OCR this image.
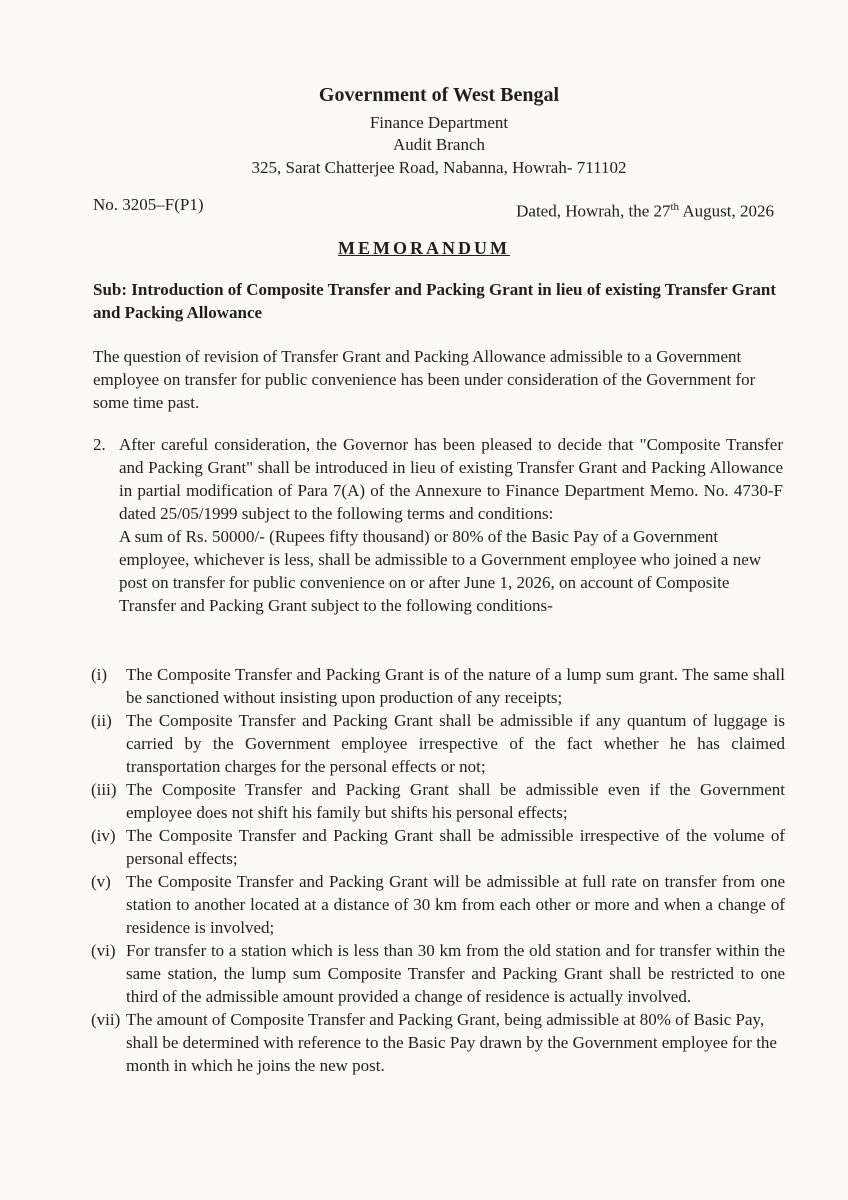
Government of West Bengal
Finance Department
Audit Branch
325, Sarat Chatterjee Road, Nabanna, Howrah- 711102
No. 3205–F(P1)	Dated, Howrah, the 27th August, 2026
MEMORANDUM
Sub: Introduction of Composite Transfer and Packing Grant in lieu of existing Transfer Grant and Packing Allowance
The question of revision of Transfer Grant and Packing Allowance admissible to a Government employee on transfer for public convenience has been under consideration of the Government for some time past.
2. After careful consideration, the Governor has been pleased to decide that "Composite Transfer and Packing Grant" shall be introduced in lieu of existing Transfer Grant and Packing Allowance in partial modification of Para 7(A) of the Annexure to Finance Department Memo. No. 4730-F dated 25/05/1999 subject to the following terms and conditions:
A sum of Rs. 50000/- (Rupees fifty thousand) or 80% of the Basic Pay of a Government employee, whichever is less, shall be admissible to a Government employee who joined a new post on transfer for public convenience on or after June 1, 2026, on account of Composite Transfer and Packing Grant subject to the following conditions-
(i)	The Composite Transfer and Packing Grant is of the nature of a lump sum grant. The same shall be sanctioned without insisting upon production of any receipts;
(ii) The Composite Transfer and Packing Grant shall be admissible if any quantum of luggage is carried by the Government employee irrespective of the fact whether he has claimed transportation charges for the personal effects or not;
(iii) The Composite Transfer and Packing Grant shall be admissible even if the Government employee does not shift his family but shifts his personal effects;
(iv) The Composite Transfer and Packing Grant shall be admissible irrespective of the volume of personal effects;
(v) The Composite Transfer and Packing Grant will be admissible at full rate on transfer from one station to another located at a distance of 30 km from each other or more and when a change of residence is involved;
(vi) For transfer to a station which is less than 30 km from the old station and for transfer within the same station, the lump sum Composite Transfer and Packing Grant shall be restricted to one third of the admissible amount provided a change of residence is actually involved.
(vii) The amount of Composite Transfer and Packing Grant, being admissible at 80% of Basic Pay, shall be determined with reference to the Basic Pay drawn by the Government employee for the month in which he joins the new post.
